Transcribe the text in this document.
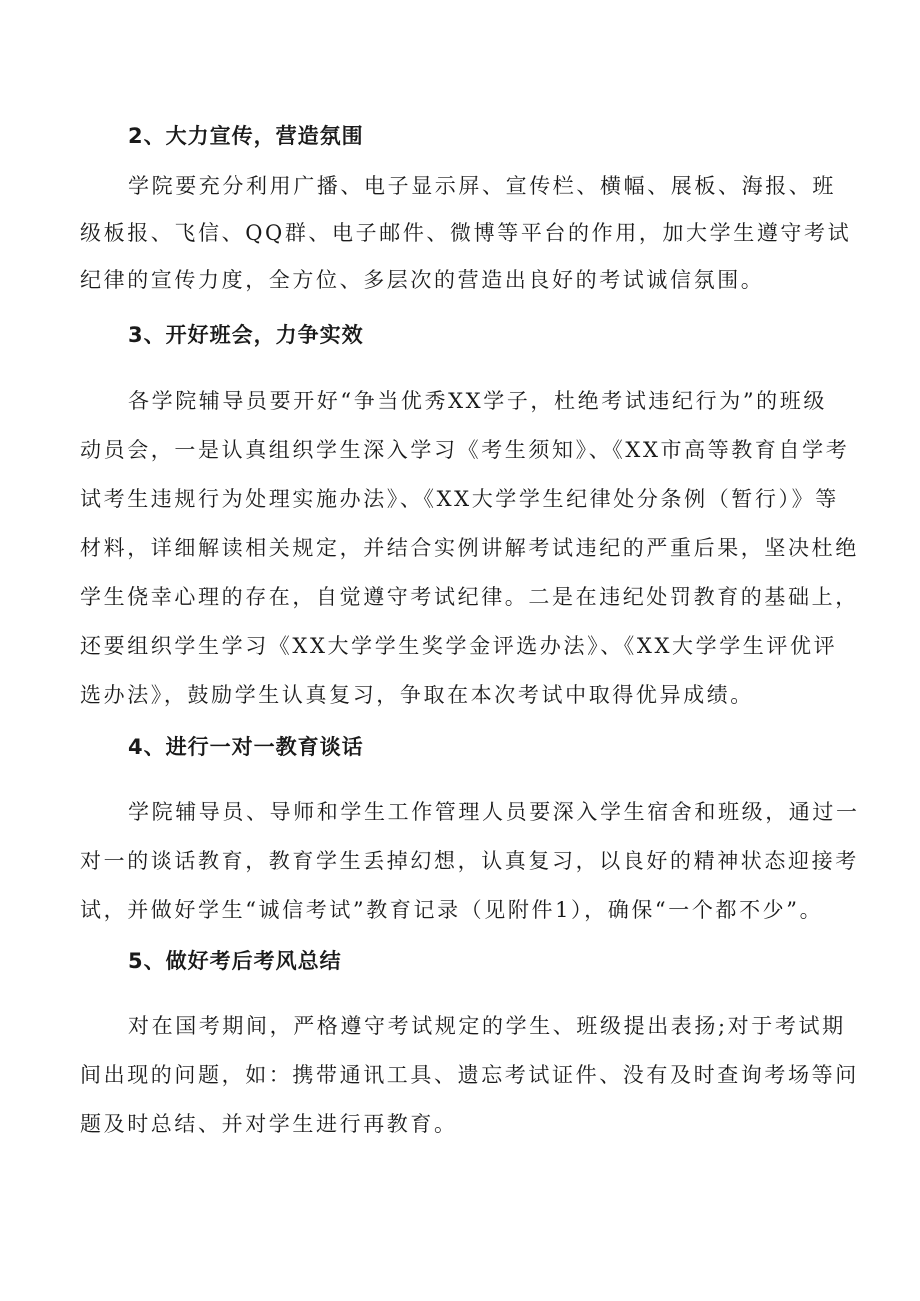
2、大力宣传，营造氛围
学院要充分利用广播、电子显示屏、宣传栏、横幅、展板、海报、班
级板报、飞信、QQ群、电子邮件、微博等平台的作用，加大学生遵守考试
纪律的宣传力度，全方位、多层次的营造出良好的考试诚信氛围。
3、开好班会，力争实效
各学院辅导员要开好“争当优秀XX学子，杜绝考试违纪行为”的班级
动员会，一是认真组织学生深入学习《考生须知》、《XX市高等教育自学考
试考生违规行为处理实施办法》、《XX大学学生纪律处分条例（暂行）》等
材料，详细解读相关规定，并结合实例讲解考试违纪的严重后果，坚决杜绝
学生侥幸心理的存在，自觉遵守考试纪律。二是在违纪处罚教育的基础上，
还要组织学生学习《XX大学学生奖学金评选办法》、《XX大学学生评优评
选办法》，鼓励学生认真复习，争取在本次考试中取得优异成绩。
4、进行一对一教育谈话
学院辅导员、导师和学生工作管理人员要深入学生宿舍和班级，通过一
对一的谈话教育，教育学生丢掉幻想，认真复习，以良好的精神状态迎接考
试，并做好学生“诚信考试”教育记录（见附件1），确保“一个都不少”。
5、做好考后考风总结
对在国考期间，严格遵守考试规定的学生、班级提出表扬;对于考试期
间出现的问题，如：携带通讯工具、遗忘考试证件、没有及时查询考场等问
题及时总结、并对学生进行再教育。
